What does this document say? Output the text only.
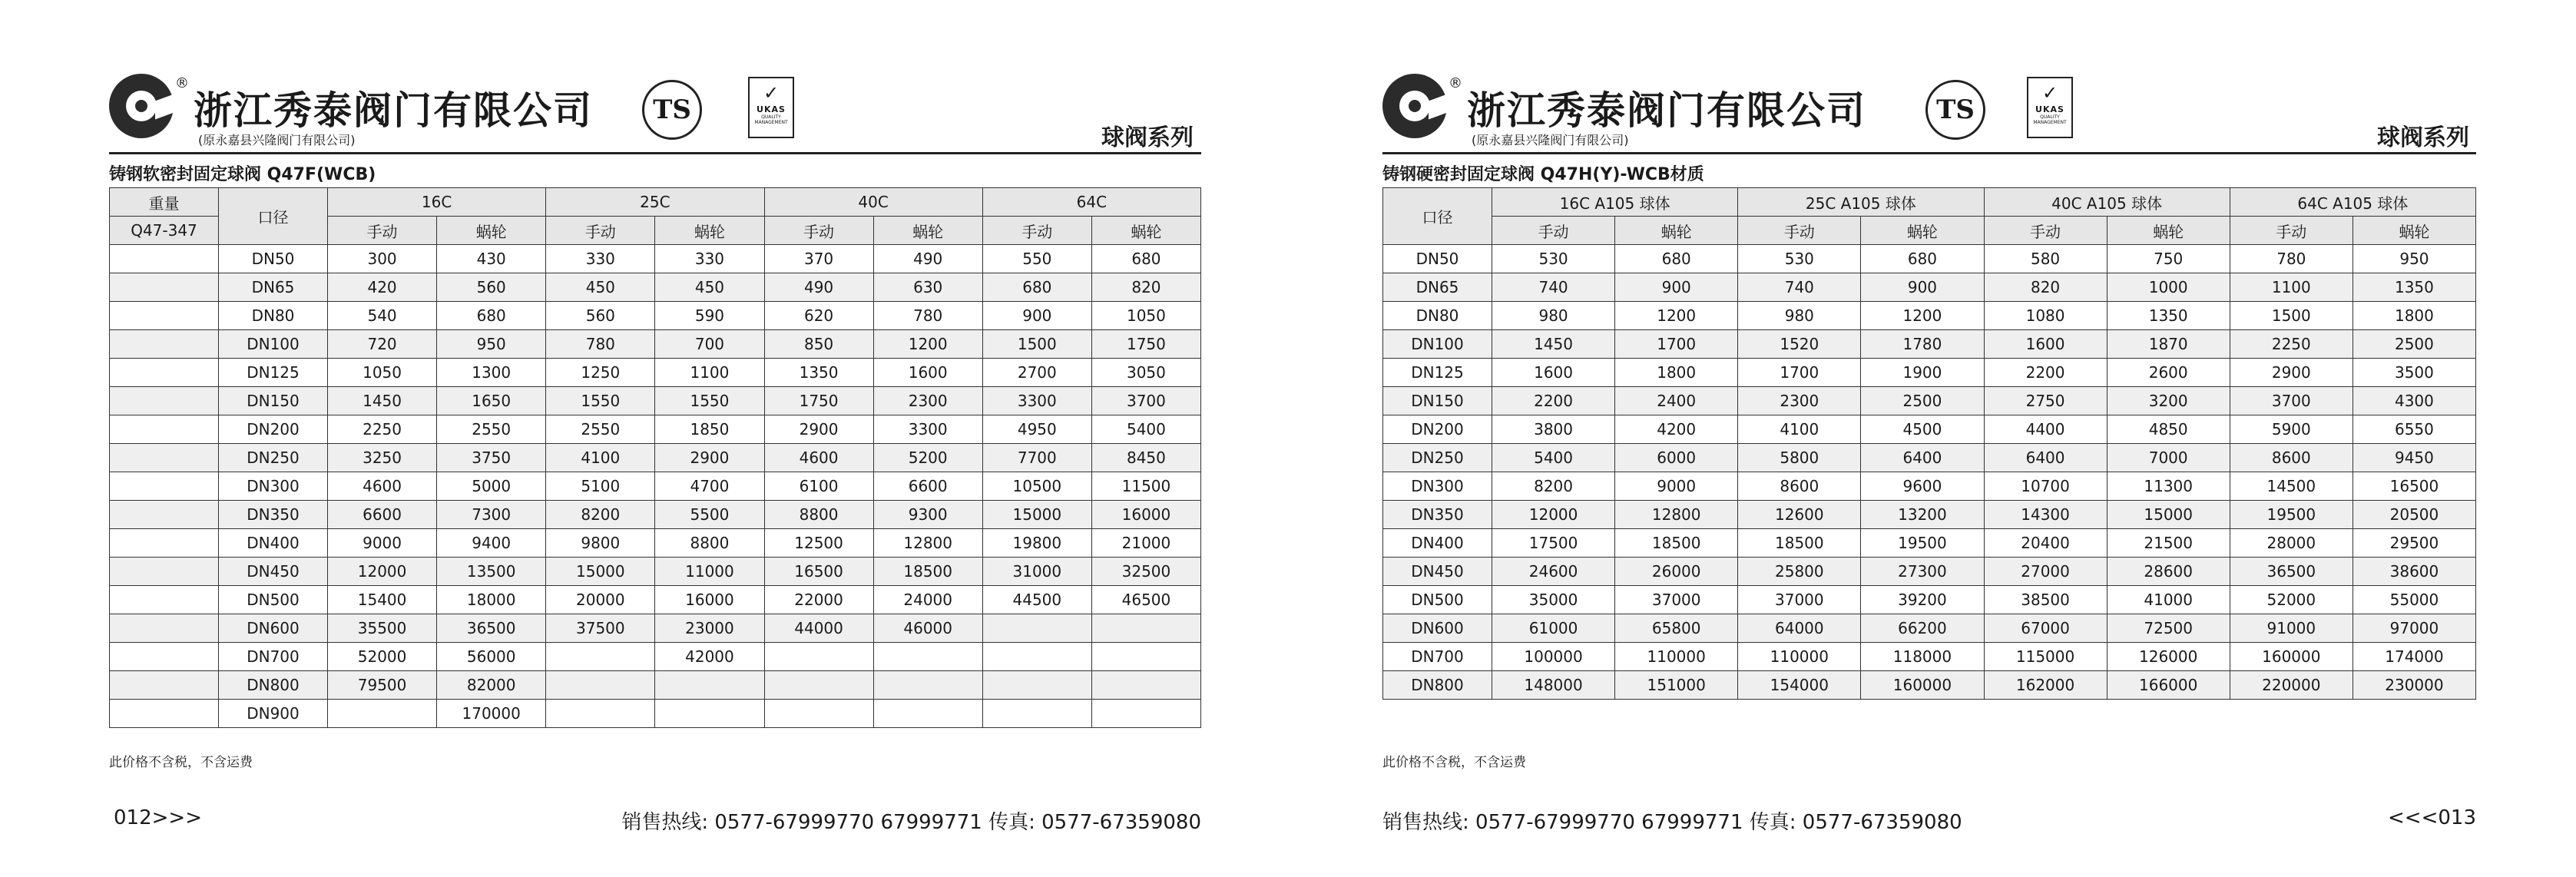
®
浙江秀泰阀门有限公司
(原永嘉县兴隆阀门有限公司)
TS
✓
UKAS
QUALITY MANAGEMENT
球阀系列
铸钢软密封固定球阀 Q47F(WCB)
重量	口径	16C		25C		40C		64C	
Q47-347		手动	蜗轮	手动	蜗轮	手动	蜗轮	手动	蜗轮
	DN50	300	430	330	330	370	490	550	680
	DN65	420	560	450	450	490	630	680	820
	DN80	540	680	560	590	620	780	900	1050
	DN100	720	950	780	700	850	1200	1500	1750
	DN125	1050	1300	1250	1100	1350	1600	2700	3050
	DN150	1450	1650	1550	1550	1750	2300	3300	3700
	DN200	2250	2550	2550	1850	2900	3300	4950	5400
	DN250	3250	3750	4100	2900	4600	5200	7700	8450
	DN300	4600	5000	5100	4700	6100	6600	10500	11500
	DN350	6600	7300	8200	5500	8800	9300	15000	16000
	DN400	9000	9400	9800	8800	12500	12800	19800	21000
	DN450	12000	13500	15000	11000	16500	18500	31000	32500
	DN500	15400	18000	20000	16000	22000	24000	44500	46500
	DN600	35500	36500	37500	23000	44000	46000		
	DN700	52000	56000		42000				
	DN800	79500	82000						
	DN900		170000						
此价格不含税，不含运费
012>>>	销售热线: 0577-67999770 67999771 传真: 0577-67359080
®
浙江秀泰阀门有限公司
(原永嘉县兴隆阀门有限公司)
TS
✓
UKAS
QUALITY MANAGEMENT
球阀系列
铸钢硬密封固定球阀 Q47H(Y)-WCB材质
口径	16C A105 球体		25C A105 球体		40C A105 球体		64C A105 球体	
	手动	蜗轮	手动	蜗轮	手动	蜗轮	手动	蜗轮
DN50	530	680	530	680	580	750	780	950
DN65	740	900	740	900	820	1000	1100	1350
DN80	980	1200	980	1200	1080	1350	1500	1800
DN100	1450	1700	1520	1780	1600	1870	2250	2500
DN125	1600	1800	1700	1900	2200	2600	2900	3500
DN150	2200	2400	2300	2500	2750	3200	3700	4300
DN200	3800	4200	4100	4500	4400	4850	5900	6550
DN250	5400	6000	5800	6400	6400	7000	8600	9450
DN300	8200	9000	8600	9600	10700	11300	14500	16500
DN350	12000	12800	12600	13200	14300	15000	19500	20500
DN400	17500	18500	18500	19500	20400	21500	28000	29500
DN450	24600	26000	25800	27300	27000	28600	36500	38600
DN500	35000	37000	37000	39200	38500	41000	52000	55000
DN600	61000	65800	64000	66200	67000	72500	91000	97000
DN700	100000	110000	110000	118000	115000	126000	160000	174000
DN800	148000	151000	154000	160000	162000	166000	220000	230000
此价格不含税，不含运费
销售热线: 0577-67999770 67999771 传真: 0577-67359080	<<<013
